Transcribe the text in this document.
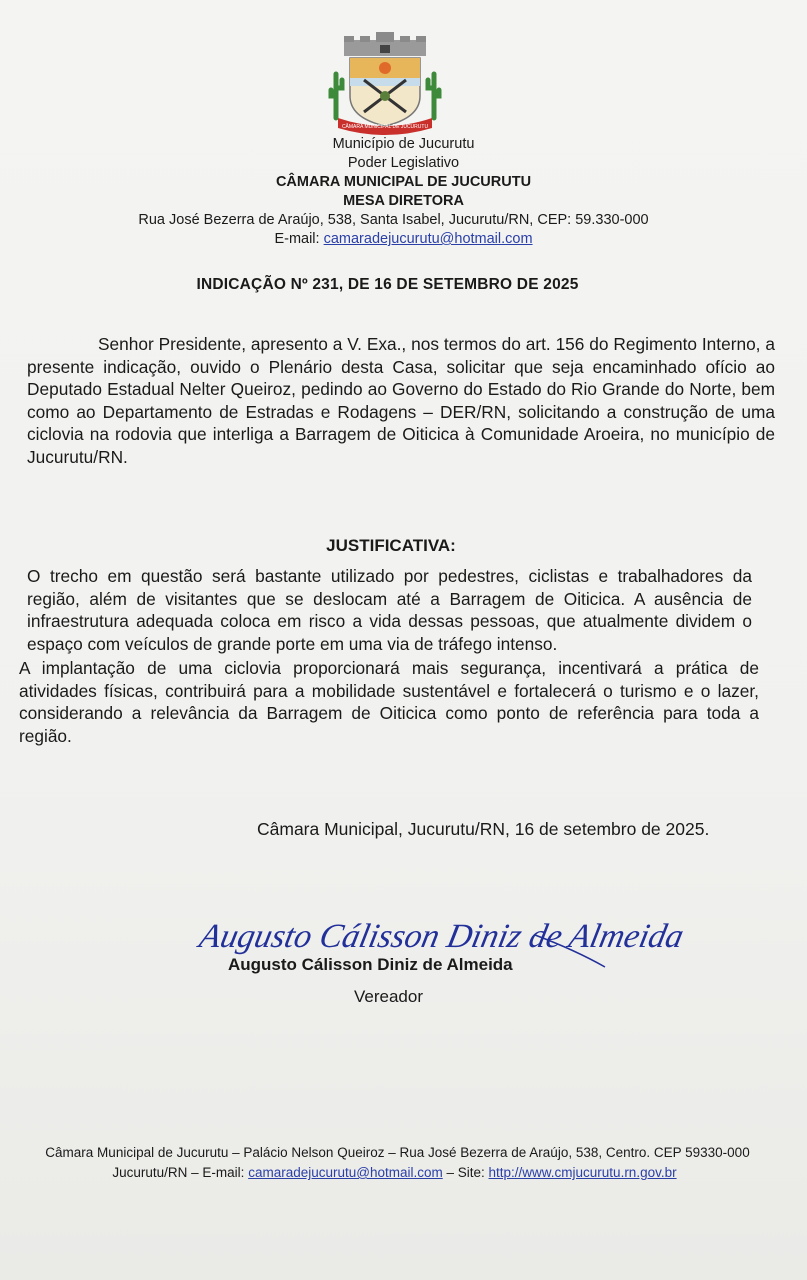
CÂMARA MUNICIPAL DE JUCURUTU
Município de Jucurutu
Poder Legislativo
CÂMARA MUNICIPAL DE JUCURUTU
MESA DIRETORA
Rua José Bezerra de Araújo, 538, Santa Isabel, Jucurutu/RN, CEP: 59.330-000
E-mail: camaradejucurutu@hotmail.com
INDICAÇÃO Nº 231, DE 16 DE SETEMBRO DE 2025
Senhor Presidente, apresento a V. Exa., nos termos do art. 156 do Regimento Interno, a presente indicação, ouvido o Plenário desta Casa, solicitar que seja encaminhado ofício ao Deputado Estadual Nelter Queiroz, pedindo ao Governo do Estado do Rio Grande do Norte, bem como ao Departamento de Estradas e Rodagens – DER/RN, solicitando a construção de uma ciclovia na rodovia que interliga a Barragem de Oiticica à Comunidade Aroeira, no município de Jucurutu/RN.
JUSTIFICATIVA:
O trecho em questão será bastante utilizado por pedestres, ciclistas e trabalhadores da região, além de visitantes que se deslocam até a Barragem de Oiticica. A ausência de infraestrutura adequada coloca em risco a vida dessas pessoas, que atualmente dividem o espaço com veículos de grande porte em uma via de tráfego intenso.
A implantação de uma ciclovia proporcionará mais segurança, incentivará a prática de atividades físicas, contribuirá para a mobilidade sustentável e fortalecerá o turismo e o lazer, considerando a relevância da Barragem de Oiticica como ponto de referência para toda a região.
Câmara Municipal, Jucurutu/RN, 16 de setembro de 2025.
Augusto Cálisson Diniz de Almeida
Augusto Cálisson Diniz de Almeida
Vereador
Câmara Municipal de Jucurutu – Palácio Nelson Queiroz – Rua José Bezerra de Araújo, 538, Centro. CEP 59330-000
Jucurutu/RN – E-mail: camaradejucurutu@hotmail.com – Site: http://www.cmjucurutu.rn.gov.br
